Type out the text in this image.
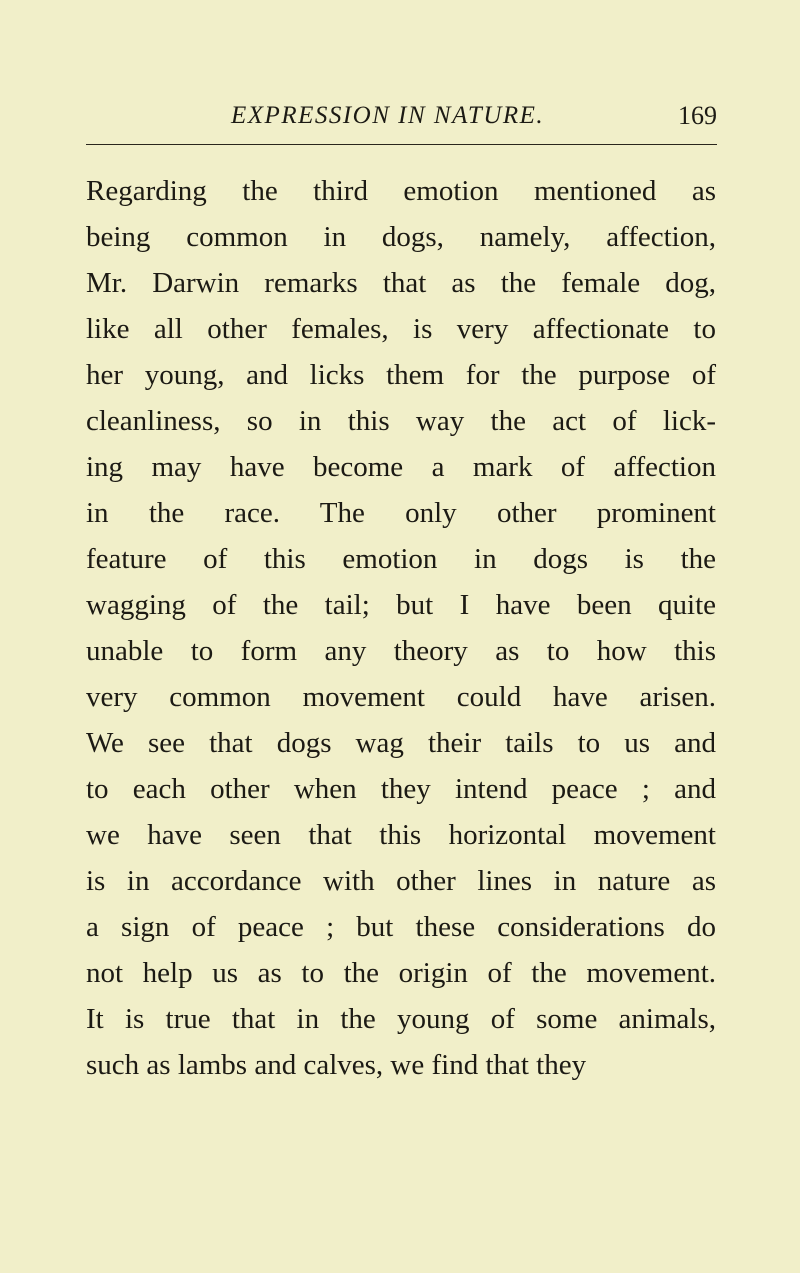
EXPRESSION IN NATURE.	169
Regarding the third emotion mentioned as
being common in dogs, namely, affection,
Mr. Darwin remarks that as the female dog,
like all other females, is very affectionate to
her young, and licks them for the purpose of
cleanliness, so in this way the act of lick-
ing may have become a mark of affection
in the race. The only other prominent
feature of this emotion in dogs is the
wagging of the tail; but I have been quite
unable to form any theory as to how this
very common movement could have arisen.
We see that dogs wag their tails to us and
to each other when they intend peace ; and
we have seen that this horizontal movement
is in accordance with other lines in nature as
a sign of peace ; but these considerations do
not help us as to the origin of the movement.
It is true that in the young of some animals,
such as lambs and calves, we find that they
